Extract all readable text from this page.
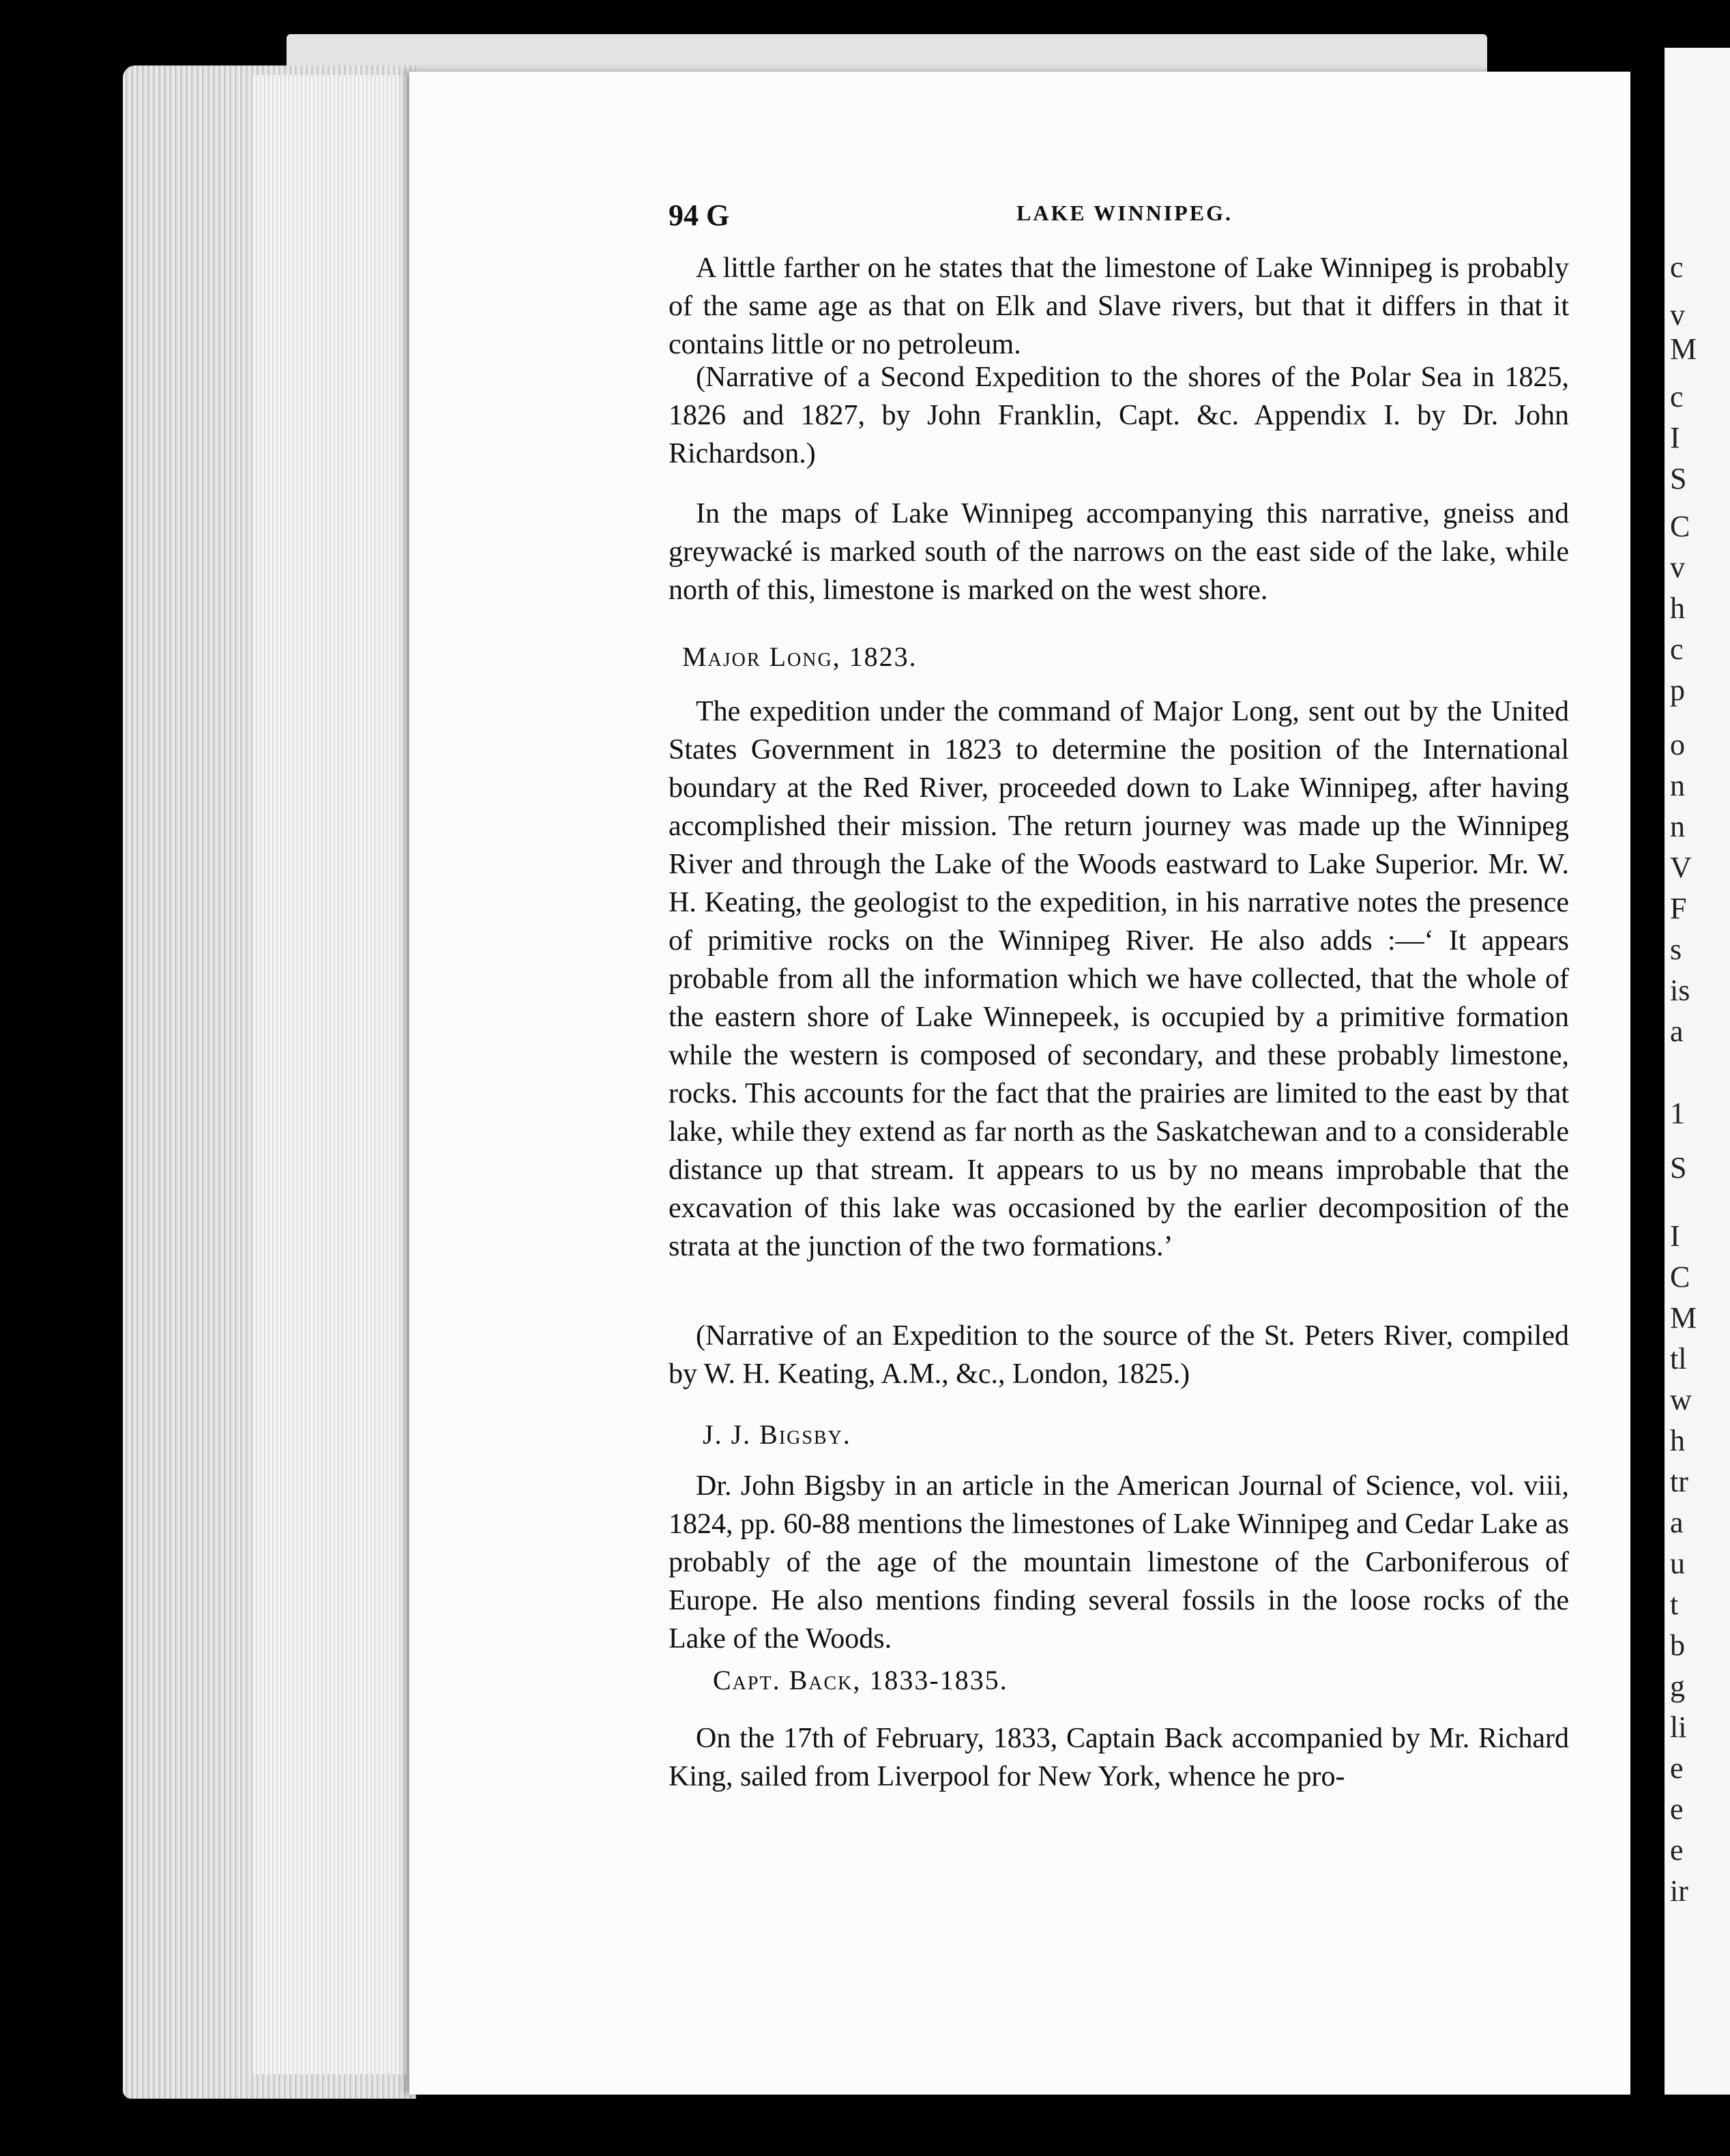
c
v
M
c
I
S
C
v
h
c
p
o
n
n
V
F
s
is
a
1
S
I
C
M
tl
w
h
tr
a
u
t
b
g
li
e
e
e
ir
94 G	LAKE WINNIPEG.

A little farther on he states that the limestone of Lake Winnipeg is probably of the same age as that on Elk and Slave rivers, but that it differs in that it contains little or no petroleum.

(Narrative of a Second Expedition to the shores of the Polar Sea in 1825, 1826 and 1827, by John Franklin, Capt. &c. Appendix I. by Dr. John Richardson.)

In the maps of Lake Winnipeg accompanying this narrative, gneiss and greywacké is marked south of the narrows on the east side of the lake, while north of this, limestone is marked on the west shore.

Major Long, 1823.

The expedition under the command of Major Long, sent out by the United States Government in 1823 to determine the position of the International boundary at the Red River, proceeded down to Lake Winnipeg, after having accomplished their mission. The return journey was made up the Winnipeg River and through the Lake of the Woods eastward to Lake Superior. Mr. W. H. Keating, the geologist to the expedition, in his narrative notes the presence of primitive rocks on the Winnipeg River. He also adds :—‘ It appears probable from all the information which we have collected, that the whole of the eastern shore of Lake Winnepeek, is occupied by a primitive formation while the western is composed of secondary, and these probably limestone, rocks. This accounts for the fact that the prairies are limited to the east by that lake, while they extend as far north as the Saskatchewan and to a considerable distance up that stream. It appears to us by no means improbable that the excavation of this lake was occasioned by the earlier decomposition of the strata at the junction of the two formations.’

(Narrative of an Expedition to the source of the St. Peters River, compiled by W. H. Keating, A.M., &c., London, 1825.)

J. J. Bigsby.

Dr. John Bigsby in an article in the American Journal of Science, vol. viii, 1824, pp. 60-88 mentions the limestones of Lake Winnipeg and Cedar Lake as probably of the age of the mountain limestone of the Carboniferous of Europe. He also mentions finding several fossils in the loose rocks of the Lake of the Woods.

Capt. Back, 1833-1835.

On the 17th of February, 1833, Captain Back accompanied by Mr. Richard King, sailed from Liverpool for New York, whence he pro-
